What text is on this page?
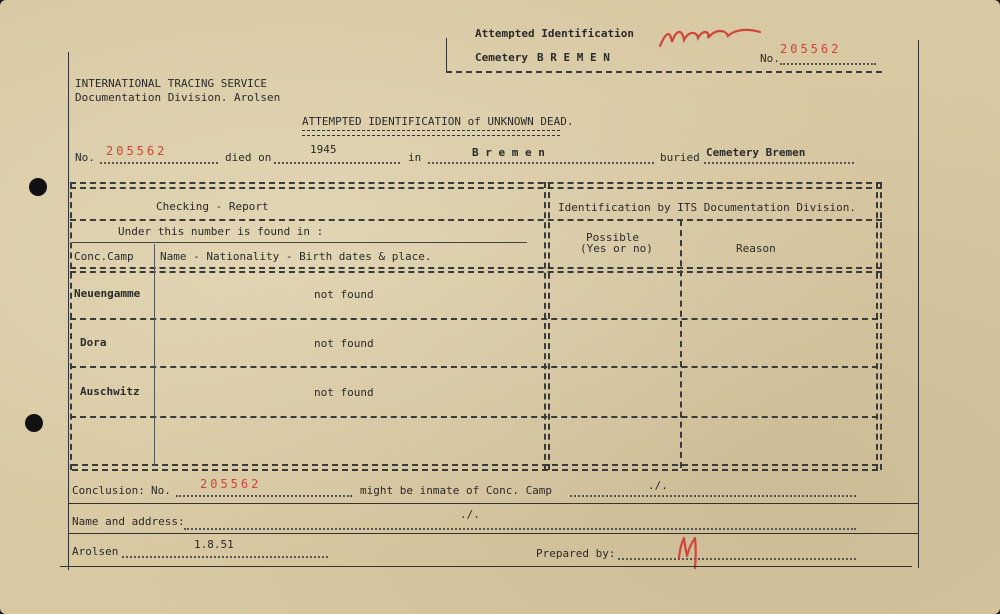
Attempted Identification
Cemetery B R E M E N	No.
205562
INTERNATIONAL TRACING SERVICE
Documentation Division. Arolsen
ATTEMPTED IDENTIFICATION of UNKNOWN DEAD.
No. 205562	died on
1945
in	B r e m e n	buried Cemetery Bremen
Checking - Report	Identification by ITS Documentation Division.
Under this number is found in :
Conc.Camp Name - Nationality - Birth dates & place.
Possible
(Yes or no)	Reason
Neuengamme	not found
Dora	not found
Auschwitz	not found
Conclusion: No. 205562	might be inmate of Conc. Camp	./.
Name and address:
./.
Arolsen
1.8.51
Prepared by:
